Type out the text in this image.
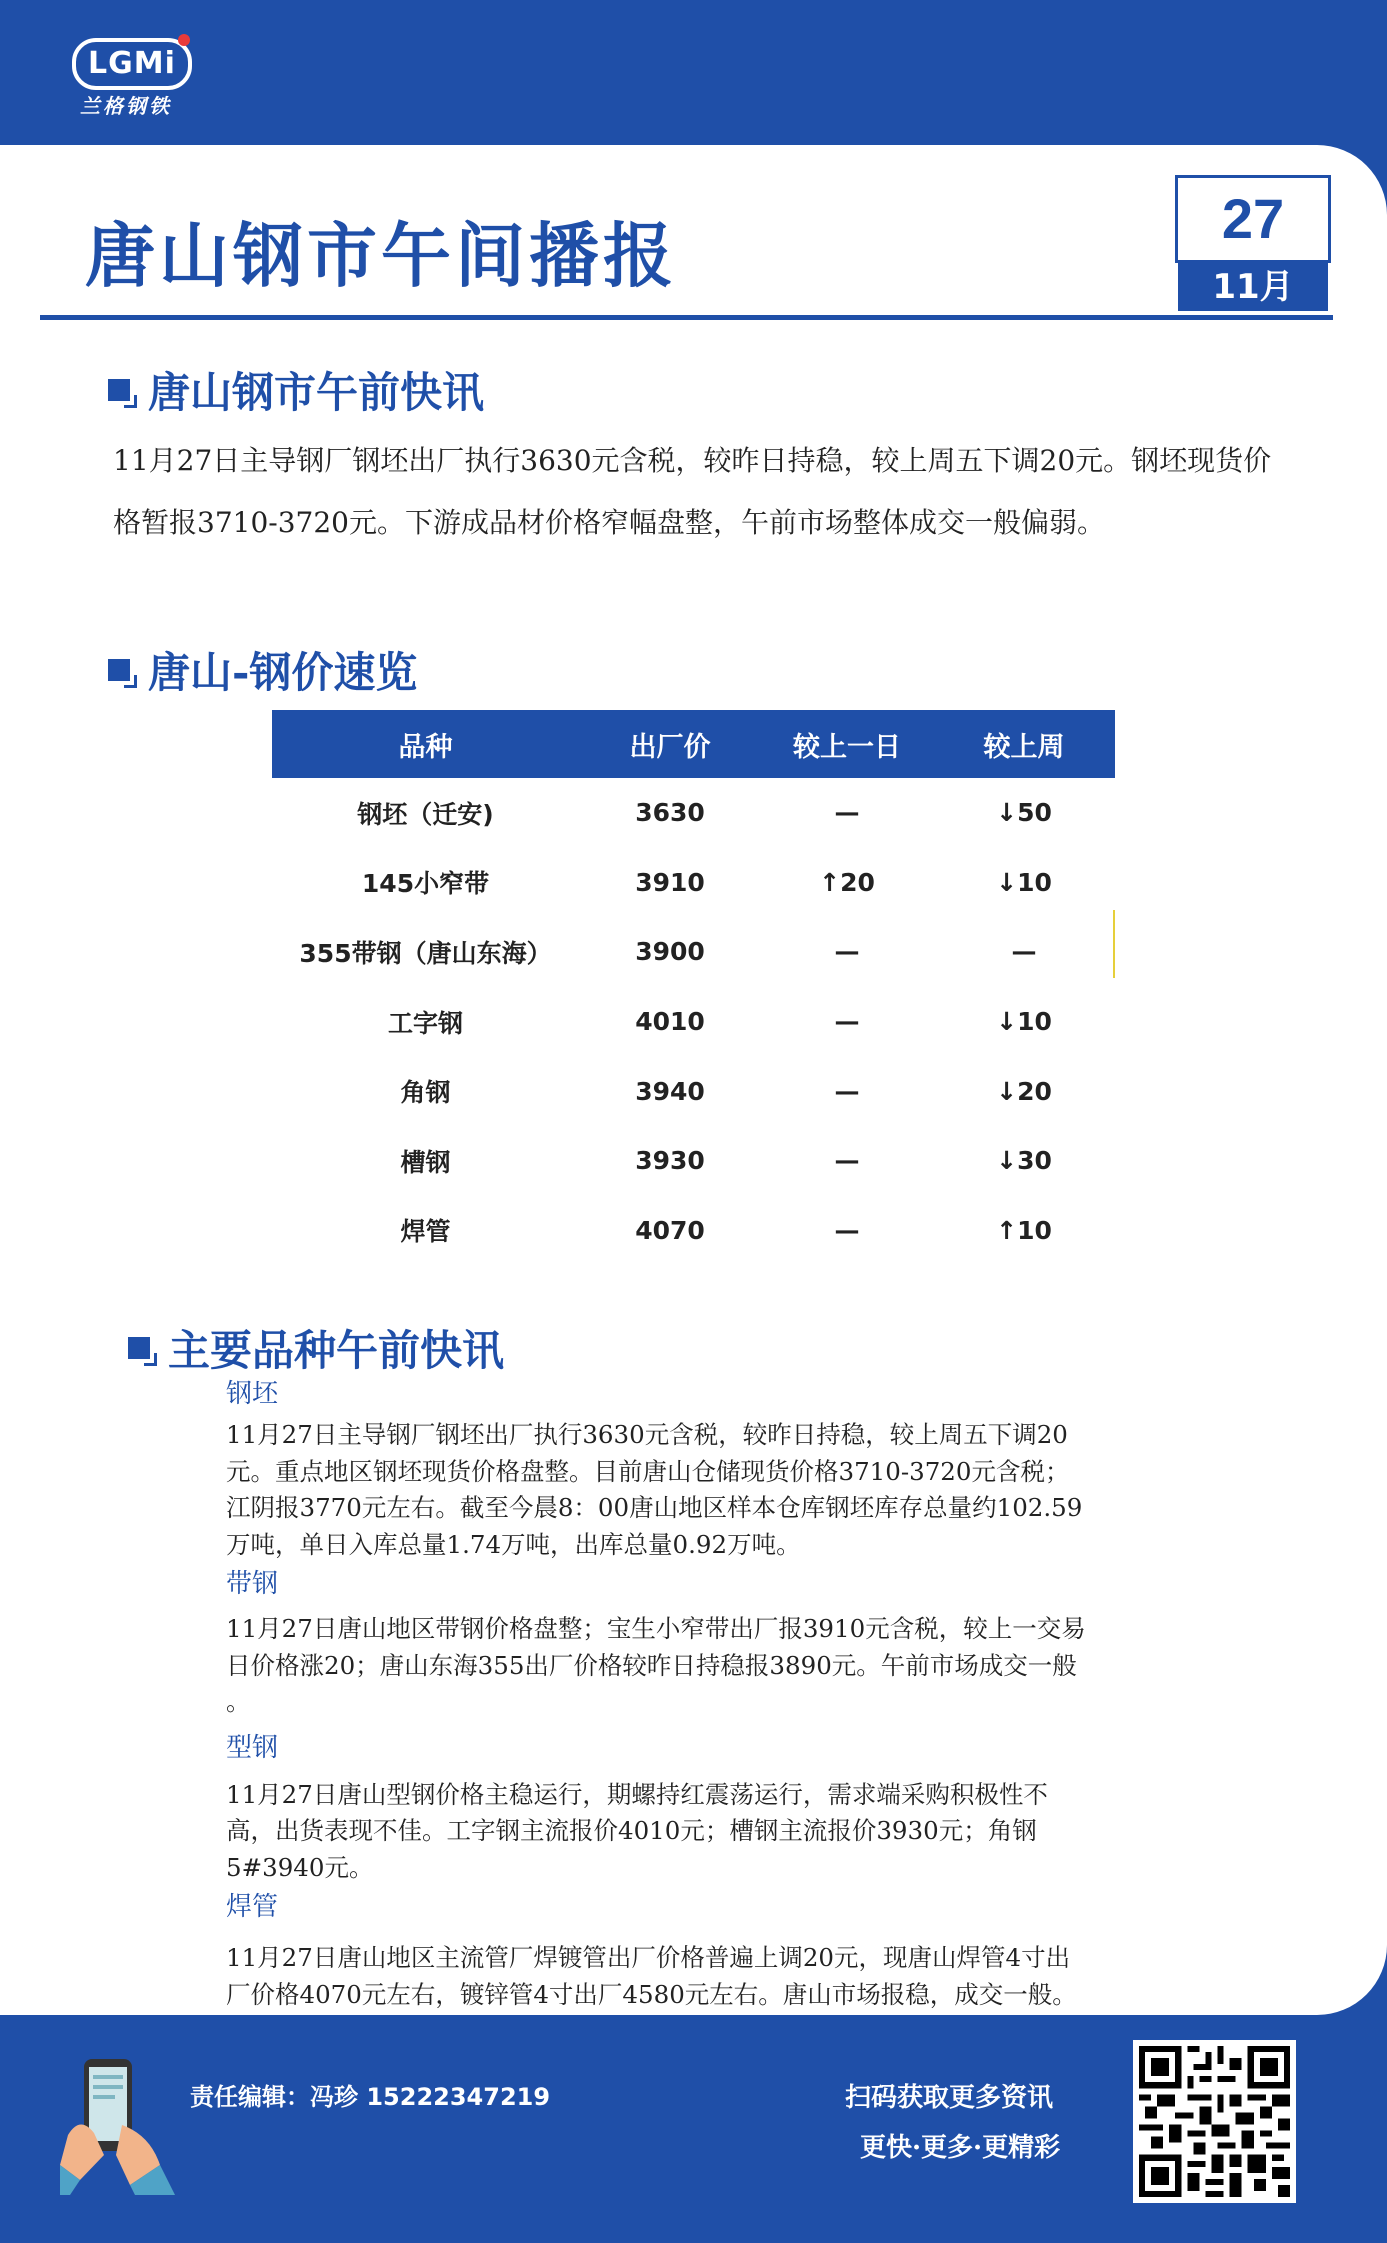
LGMi
兰格钢铁
唐山钢市午间播报	27
11月
唐山钢市午前快讯

11月27日主导钢厂钢坯出厂执行3630元含税，较昨日持稳，较上周五下调20元。钢坯现货价格暂报3710-3720元。下游成品材价格窄幅盘整，午前市场整体成交一般偏弱。

唐山-钢价速览
品种	出厂价	较上一日	较上周
钢坯（迁安)	3630	—	↓50
145小窄带	3910	↑20	↓10
355带钢（唐山东海）	3900	—	—
工字钢	4010	—	↓10
角钢	3940	—	↓20
槽钢	3930	—	↓30
焊管	4070	—	↑10
主要品种午前快讯

钢坯

11月27日主导钢厂钢坯出厂执行3630元含税，较昨日持稳，较上周五下调20
元。重点地区钢坯现货价格盘整。目前唐山仓储现货价格3710-3720元含税；
江阴报3770元左右。截至今晨8：00唐山地区样本仓库钢坯库存总量约102.59
万吨，单日入库总量1.74万吨，出库总量0.92万吨。

带钢

11月27日唐山地区带钢价格盘整；宝生小窄带出厂报3910元含税，较上一交易
日价格涨20；唐山东海355出厂价格较昨日持稳报3890元。午前市场成交一般
。

型钢

11月27日唐山型钢价格主稳运行，期螺持红震荡运行，需求端采购积极性不
高，出货表现不佳。工字钢主流报价4010元；槽钢主流报价3930元；角钢
5#3940元。

焊管

11月27日唐山地区主流管厂焊镀管出厂价格普遍上调20元，现唐山焊管4寸出
厂价格4070元左右，镀锌管4寸出厂4580元左右。唐山市场报稳，成交一般。

责任编辑：冯珍 15222347219	扫码获取更多资讯
更快·更多·更精彩
